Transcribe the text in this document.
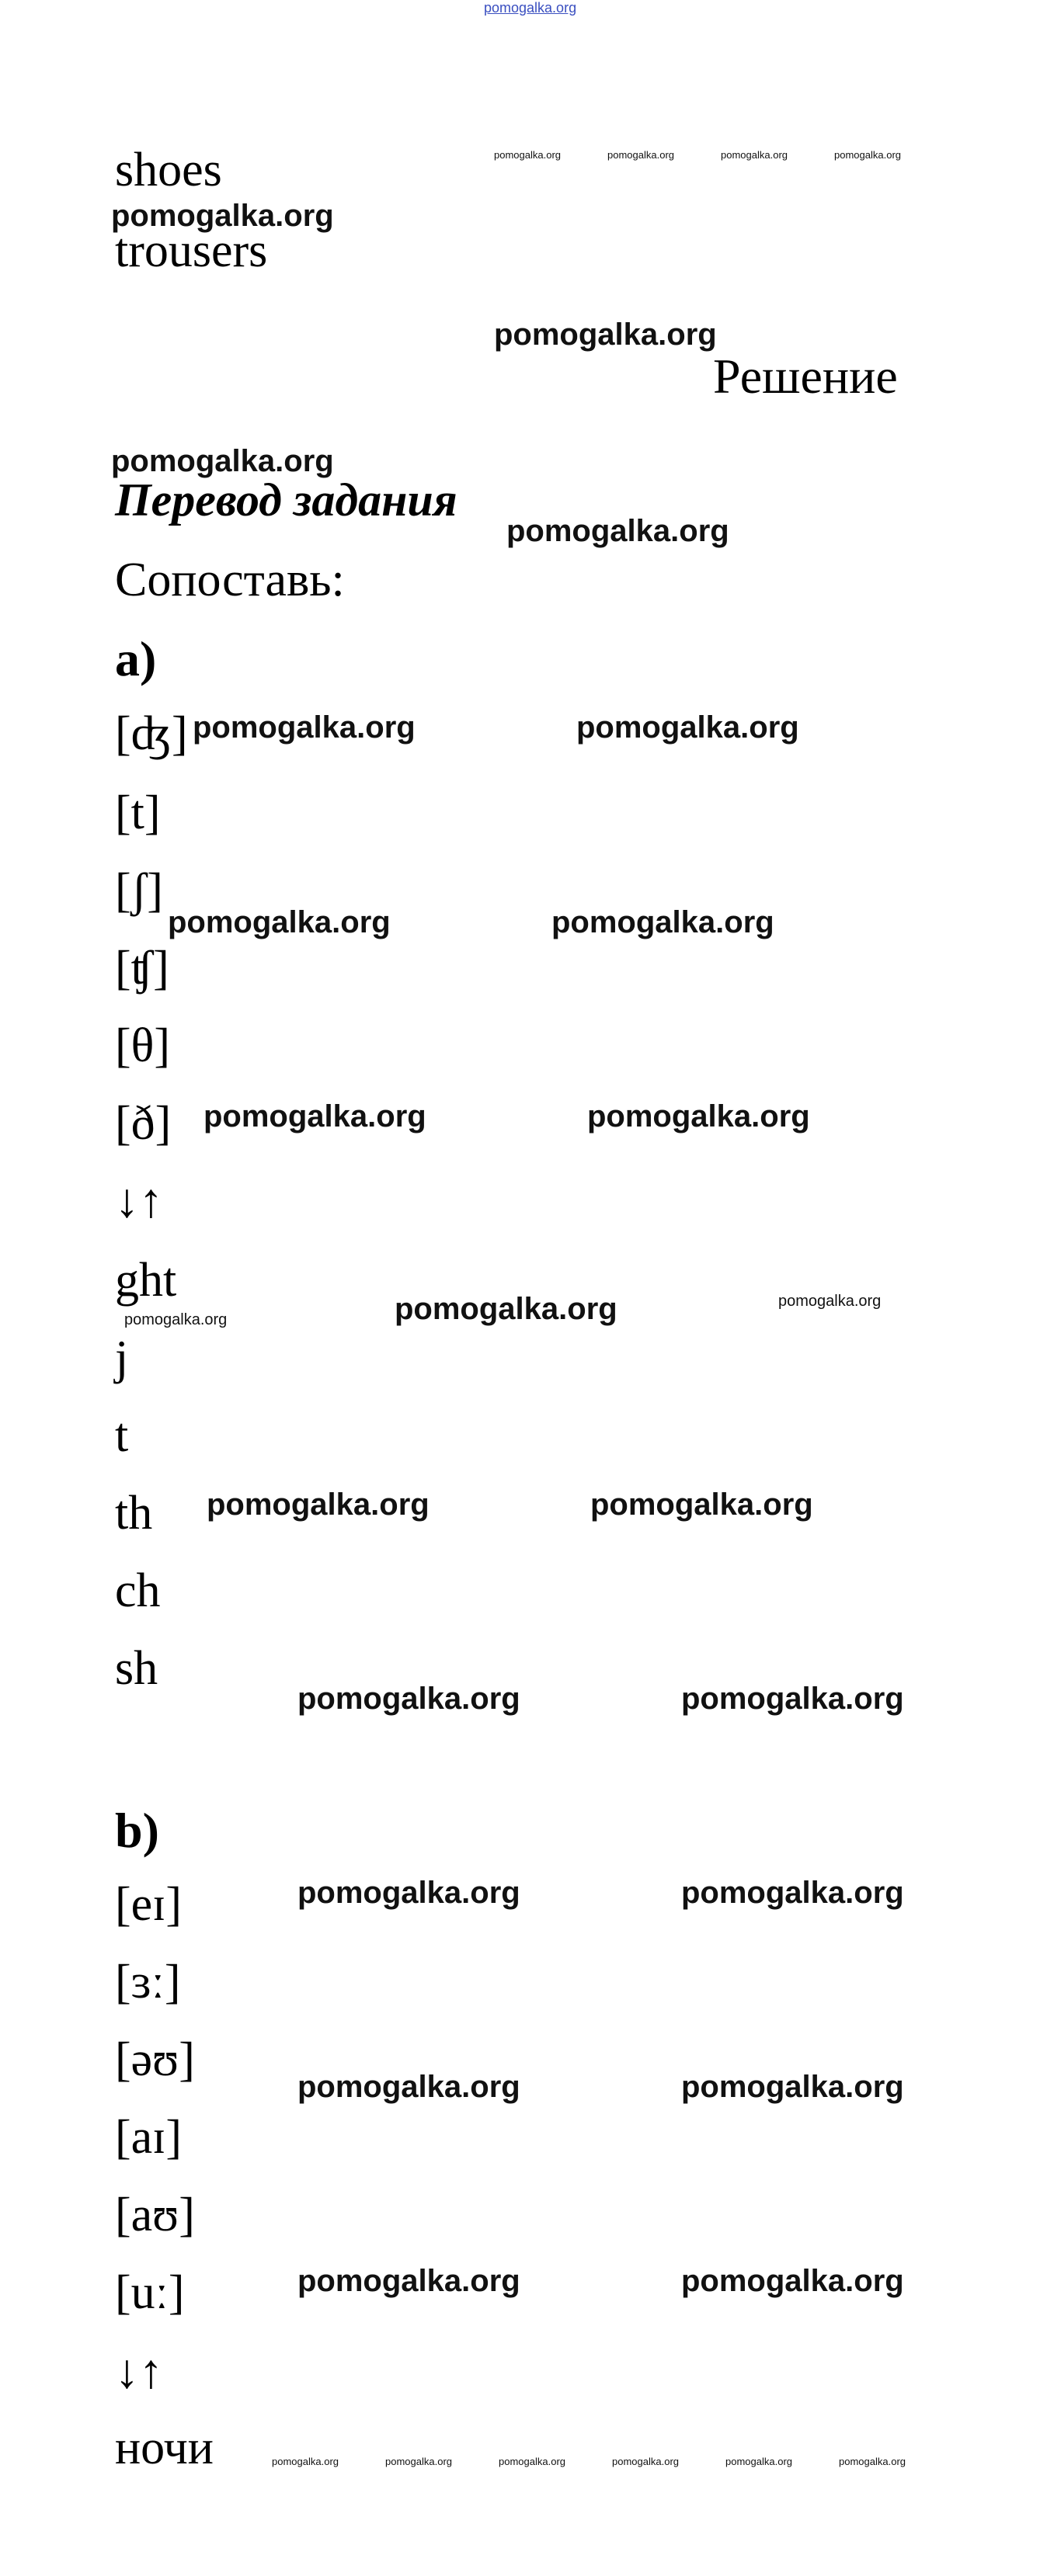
pomogalka.org
pomogalka.org	pomogalka.org	pomogalka.org	pomogalka.org
shoes
pomogalka.org
trousers
pomogalka.org
Решение
pomogalka.org
Перевод задания
pomogalka.org
Сопоставь:
a)
[ʤ] pomogalka.org	pomogalka.org
[t]
[ʃ]
pomogalka.org	pomogalka.org
[ʧ]
[θ]
[ð] pomogalka.org	pomogalka.org
↓↑
ght
pomogalka.org	pomogalka.org	pomogalka.org
j
t
th pomogalka.org	pomogalka.org
ch
sh
pomogalka.org	pomogalka.org
b)
[eɪ]	pomogalka.org	pomogalka.org
[ɜː]
[əʊ]
pomogalka.org	pomogalka.org
[aɪ]
[aʊ]
[uː]	pomogalka.org	pomogalka.org
↓↑
ночи	pomogalka.org	pomogalka.org	pomogalka.org	pomogalka.org	pomogalka.org	pomogalka.org
